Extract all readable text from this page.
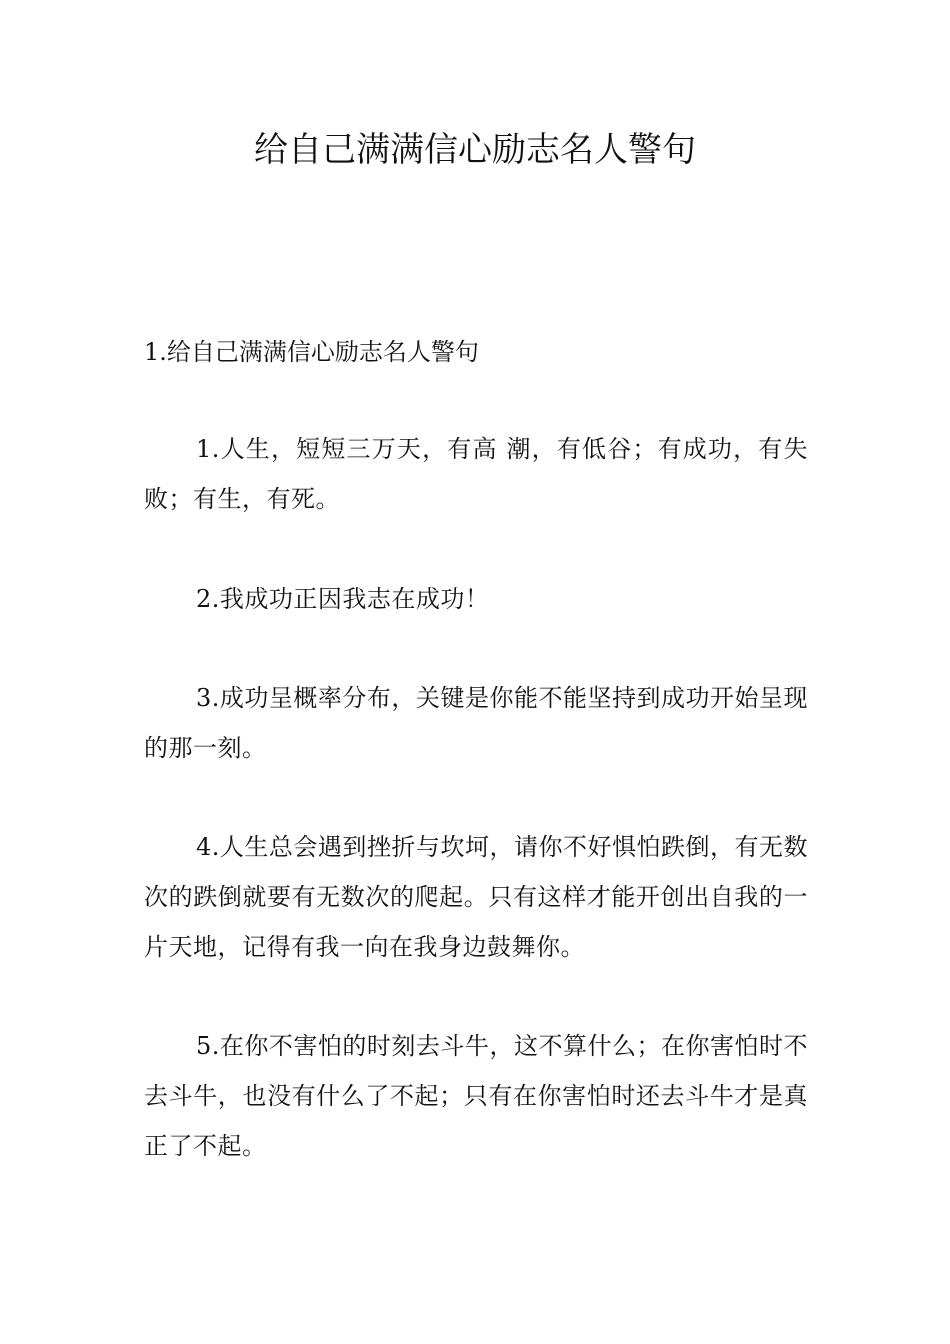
给自己满满信心励志名人警句

1.给自己满满信心励志名人警句

1.人生，短短三万天，有高 潮，有低谷；有成功，有失败；有生，有死。

2.我成功正因我志在成功！

3.成功呈概率分布，关键是你能不能坚持到成功开始呈现的那一刻。

4.人生总会遇到挫折与坎坷，请你不好惧怕跌倒，有无数次的跌倒就要有无数次的爬起。只有这样才能开创出自我的一片天地，记得有我一向在我身边鼓舞你。

5.在你不害怕的时刻去斗牛，这不算什么；在你害怕时不去斗牛，也没有什么了不起；只有在你害怕时还去斗牛才是真正了不起。
